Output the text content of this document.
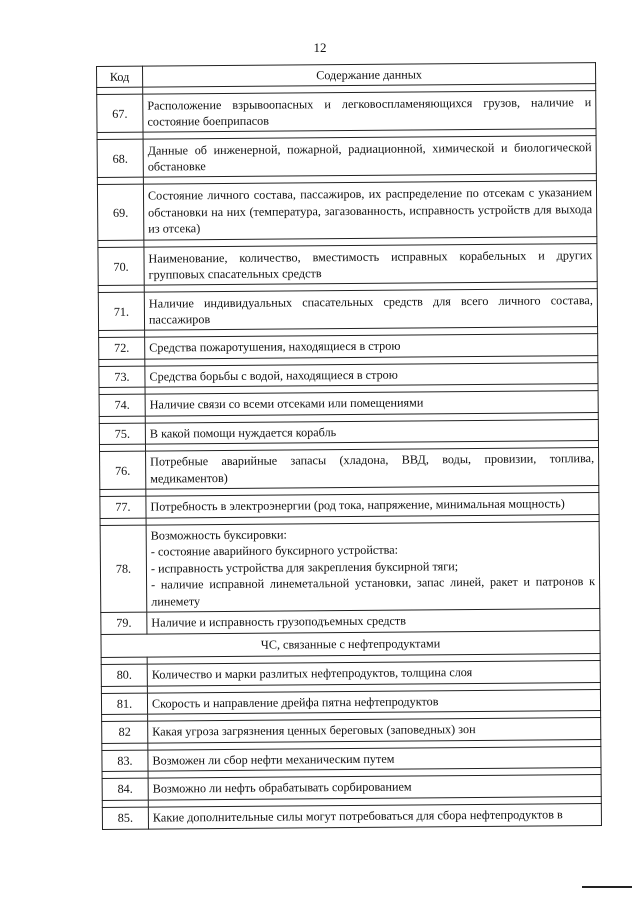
12
Код	Содержание данных

67.	Расположение взрывоопасных и легковоспламеняющихся грузов, наличие и состояние боеприпасов

68.	Данные об инженерной, пожарной, радиационной, химической и биологической обстановке

69.	Состояние личного состава, пассажиров, их распределение по отсекам с указанием обстановки на них (температура, загазованность, исправность устройств для выхода из отсека)

70.	Наименование, количество, вместимость исправных корабельных и других групповых спасательных средств

71.	Наличие индивидуальных спасательных средств для всего личного состава, пассажиров

72.	Средства пожаротушения, находящиеся в строю

73.	Средства борьбы с водой, находящиеся в строю

74.	Наличие связи со всеми отсеками или помещениями

75.	В какой помощи нуждается корабль

76.	Потребные аварийные запасы (хладона, ВВД, воды, провизии, топлива, медикаментов)

77.	Потребность в электроэнергии (род тока, напряжение, минимальная мощность)

78.	Возможность буксировки:
- состояние аварийного буксирного устройства:
- исправность устройства для закрепления буксирной тяги;
- наличие исправной линеметальной установки, запас линей, ракет и патронов к линемету

79.	Наличие и исправность грузоподъемных средств
ЧС, связанные с нефтепродуктами	

80.	Количество и марки разлитых нефтепродуктов, толщина слоя

81.	Скорость и направление дрейфа пятна нефтепродуктов

82	Какая угроза загрязнения ценных береговых (заповедных) зон

83.	Возможен ли сбор нефти механическим путем

84.	Возможно ли нефть обрабатывать сорбированием

85.	Какие дополнительные силы могут потребоваться для сбора нефтепродуктов в
